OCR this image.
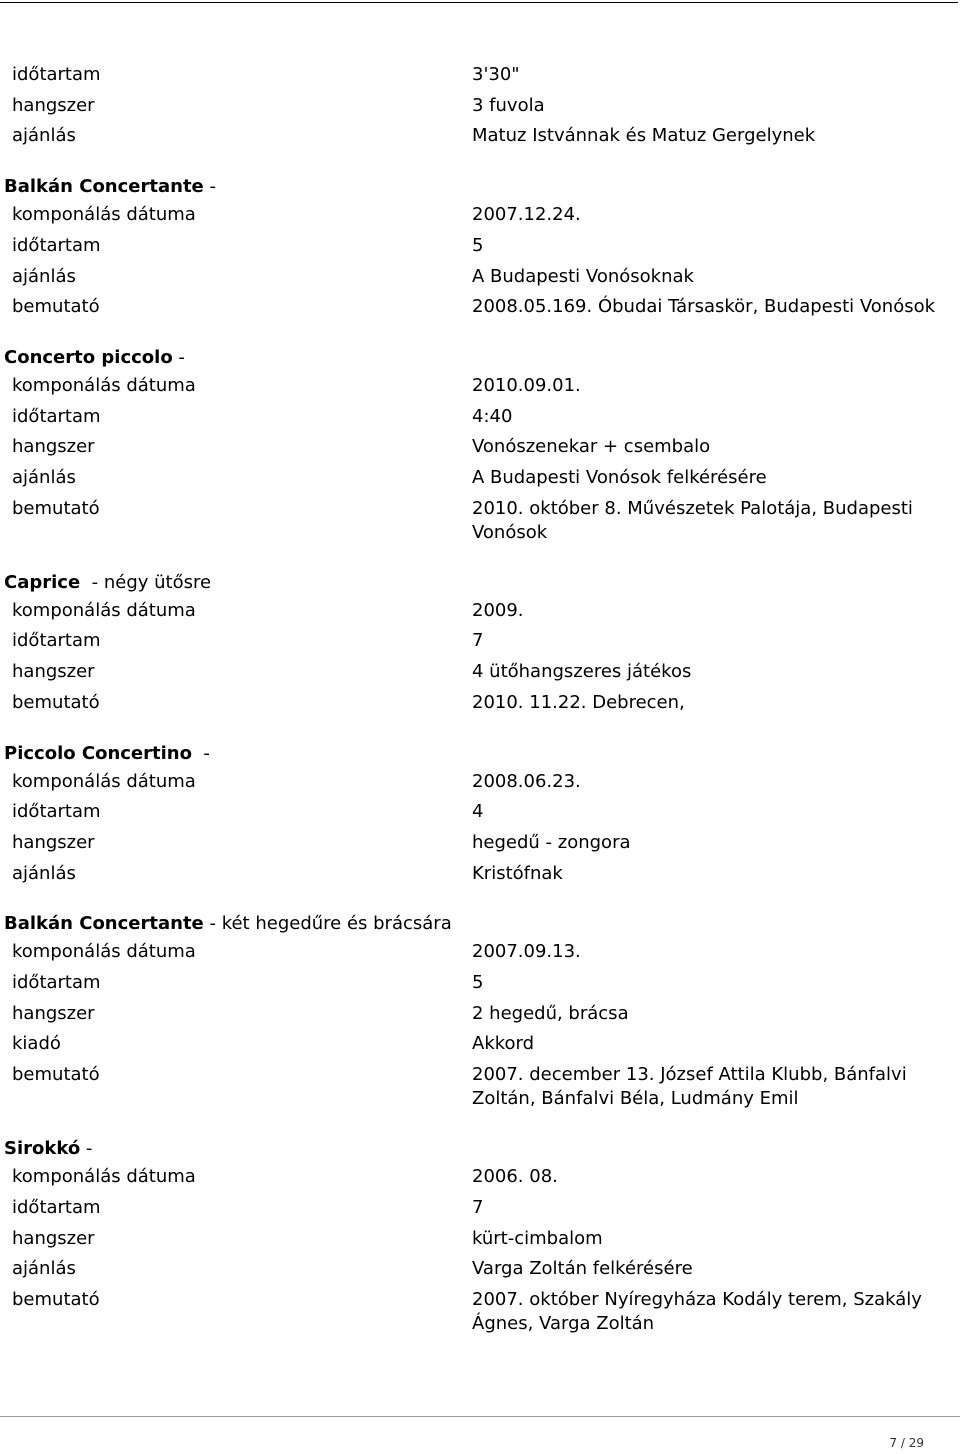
időtartam	3'30"
hangszer	3 fuvola
ajánlás	Matuz Istvánnak és Matuz Gergelynek
Balkán Concertante -
komponálás dátuma	2007.12.24.
időtartam	5
ajánlás	A Budapesti Vonósoknak
bemutató	2008.05.169. Óbudai Társaskör, Budapesti Vonósok
Concerto piccolo -
komponálás dátuma	2010.09.01.
időtartam	4:40
hangszer	Vonószenekar + csembalo
ajánlás	A Budapesti Vonósok felkérésére
bemutató	2010. október 8. Művészetek Palotája, Budapesti Vonósok
Caprice  - négy ütősre
komponálás dátuma	2009.
időtartam	7
hangszer	4 ütőhangszeres játékos
bemutató	2010. 11.22. Debrecen,
Piccolo Concertino  -
komponálás dátuma	2008.06.23.
időtartam	4
hangszer	hegedű - zongora
ajánlás	Kristófnak
Balkán Concertante - két hegedűre és brácsára
komponálás dátuma	2007.09.13.
időtartam	5
hangszer	2 hegedű, brácsa
kiadó	Akkord
bemutató	2007. december 13. József Attila Klubb, Bánfalvi Zoltán, Bánfalvi Béla, Ludmány Emil
Sirokkó -
komponálás dátuma	2006. 08.
időtartam	7
hangszer	kürt-cimbalom
ajánlás	Varga Zoltán felkérésére
bemutató	2007. október Nyíregyháza Kodály terem, Szakály Ágnes, Varga Zoltán
7 / 29
